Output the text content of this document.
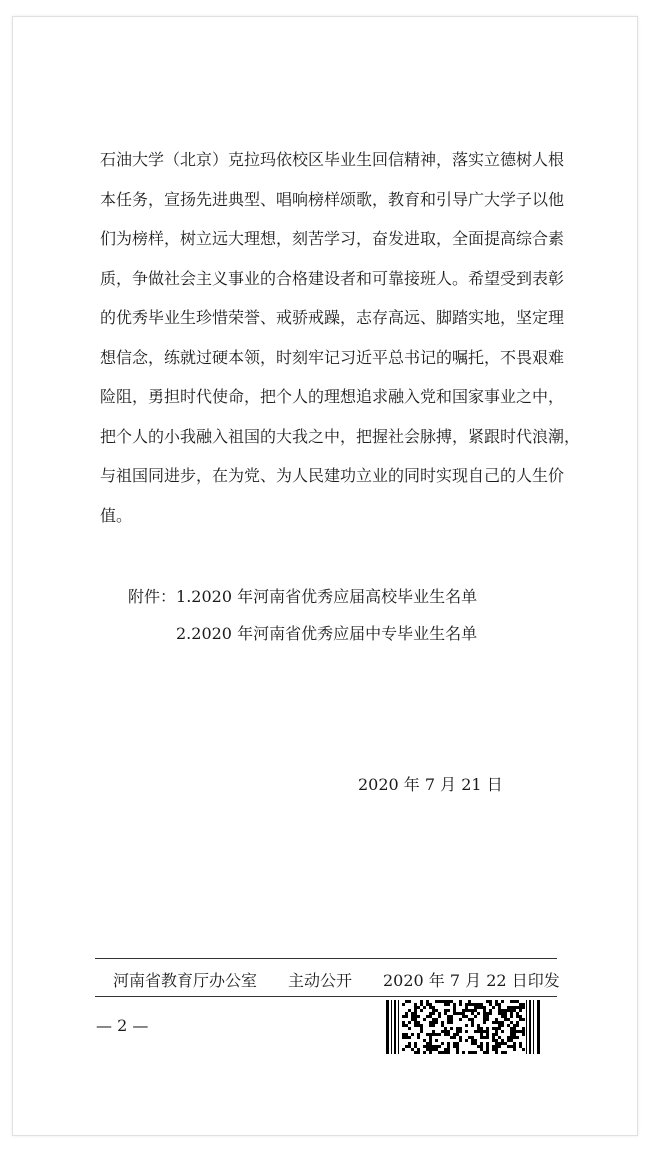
石油大学（北京）克拉玛依校区毕业生回信精神，落实立德树人根
本任务，宣扬先进典型、唱响榜样颂歌，教育和引导广大学子以他
们为榜样，树立远大理想，刻苦学习，奋发进取，全面提高综合素
质，争做社会主义事业的合格建设者和可靠接班人。希望受到表彰
的优秀毕业生珍惜荣誉、戒骄戒躁，志存高远、脚踏实地，坚定理
想信念，练就过硬本领，时刻牢记习近平总书记的嘱托，不畏艰难
险阻，勇担时代使命，把个人的理想追求融入党和国家事业之中，
把个人的小我融入祖国的大我之中，把握社会脉搏，紧跟时代浪潮，
与祖国同进步，在为党、为人民建功立业的同时实现自己的人生价
值。
附件：1.2020 年河南省优秀应届高校毕业生名单
2.2020 年河南省优秀应届中专毕业生名单
2020 年 7 月 21 日
河南省教育厅办公室 主动公开 2020 年 7 月 22 日印发
— 2 —
